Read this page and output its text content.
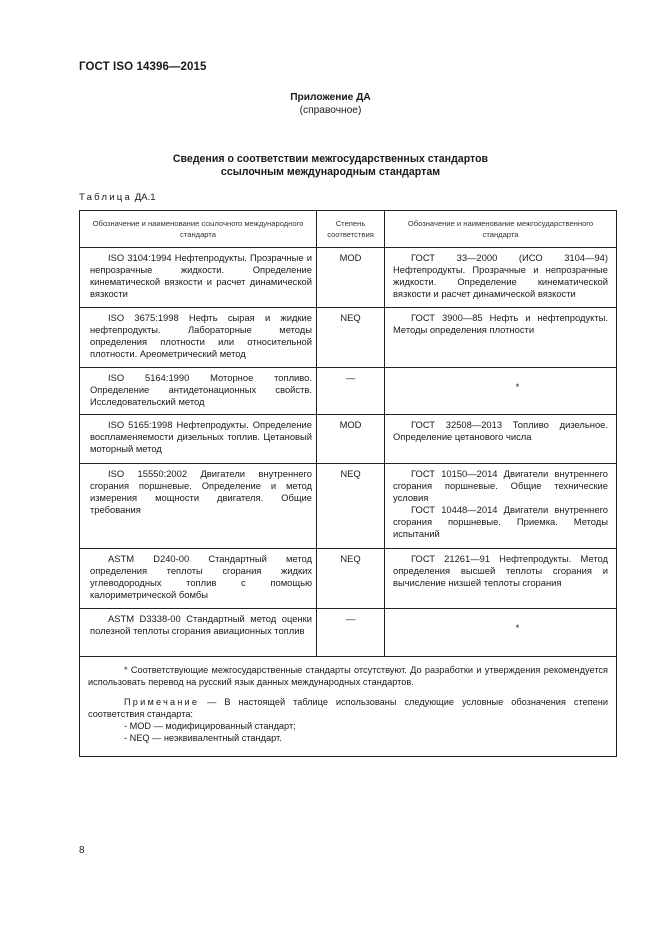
ГОСТ ISO 14396—2015
Приложение ДА
(справочное)
Сведения о соответствии межгосударственных стандартов
ссылочным международным стандартам
Таблица ДА.1
Обозначение и наименование ссылочного международного стандарта	Степень соответствия	Обозначение и наименование межгосударственного стандарта

ISO 3104:1994 Нефтепродукты. Прозрачные и непрозрачные жидкости. Определение кинематической вязкости и расчет динамической вязкости	MOD	ГОСТ 33—2000 (ИСО 3104—94) Нефтепродукты. Прозрачные и непрозрачные жидкости. Определение кинематической вязкости и расчет динамической вязкости

ISO 3675:1998 Нефть сырая и жидкие нефтепродукты. Лабораторные методы определения плотности или относительной плотности. Ареометрический метод	NEQ	ГОСТ 3900—85 Нефть и нефтепродукты. Методы определения плотности

ISO 5164:1990 Моторное топливо. Определение антидетонационных свойств. Исследовательский метод	—	*

ISO 5165:1998 Нефтепродукты. Определение воспламеняемости дизельных топлив. Цетановый моторный метод	MOD	ГОСТ 32508—2013 Топливо дизельное. Определение цетанового числа

ISO 15550:2002 Двигатели внутреннего сгорания поршневые. Определение и метод измерения мощности двигателя. Общие требования	NEQ	ГОСТ 10150—2014 Двигатели внутреннего сгорания поршневые. Общие технические условия

ГОСТ 10448—2014 Двигатели внутреннего сгорания поршневые. Приемка. Методы испытаний

ASTM D240-00 Стандартный метод определения теплоты сгорания жидких углеводородных топлив с помощью калориметрической бомбы	NEQ	ГОСТ 21261—91 Нефтепродукты. Метод определения высшей теплоты сгорания и вычисление низшей теплоты сгорания

ASTM D3338-00 Стандартный метод оценки полезной теплоты сгорания авиационных топлив	—	*

* Соответствующие межгосударственные стандарты отсутствуют. До разработки и утверждения рекомендуется использовать перевод на русский язык данных международных стандартов.

Примечание — В настоящей таблице использованы следующие условные обозначения степени соответствия стандарта:

- MOD — модифицированный стандарт;

- NEQ — неэквивалентный стандарт.		

8
